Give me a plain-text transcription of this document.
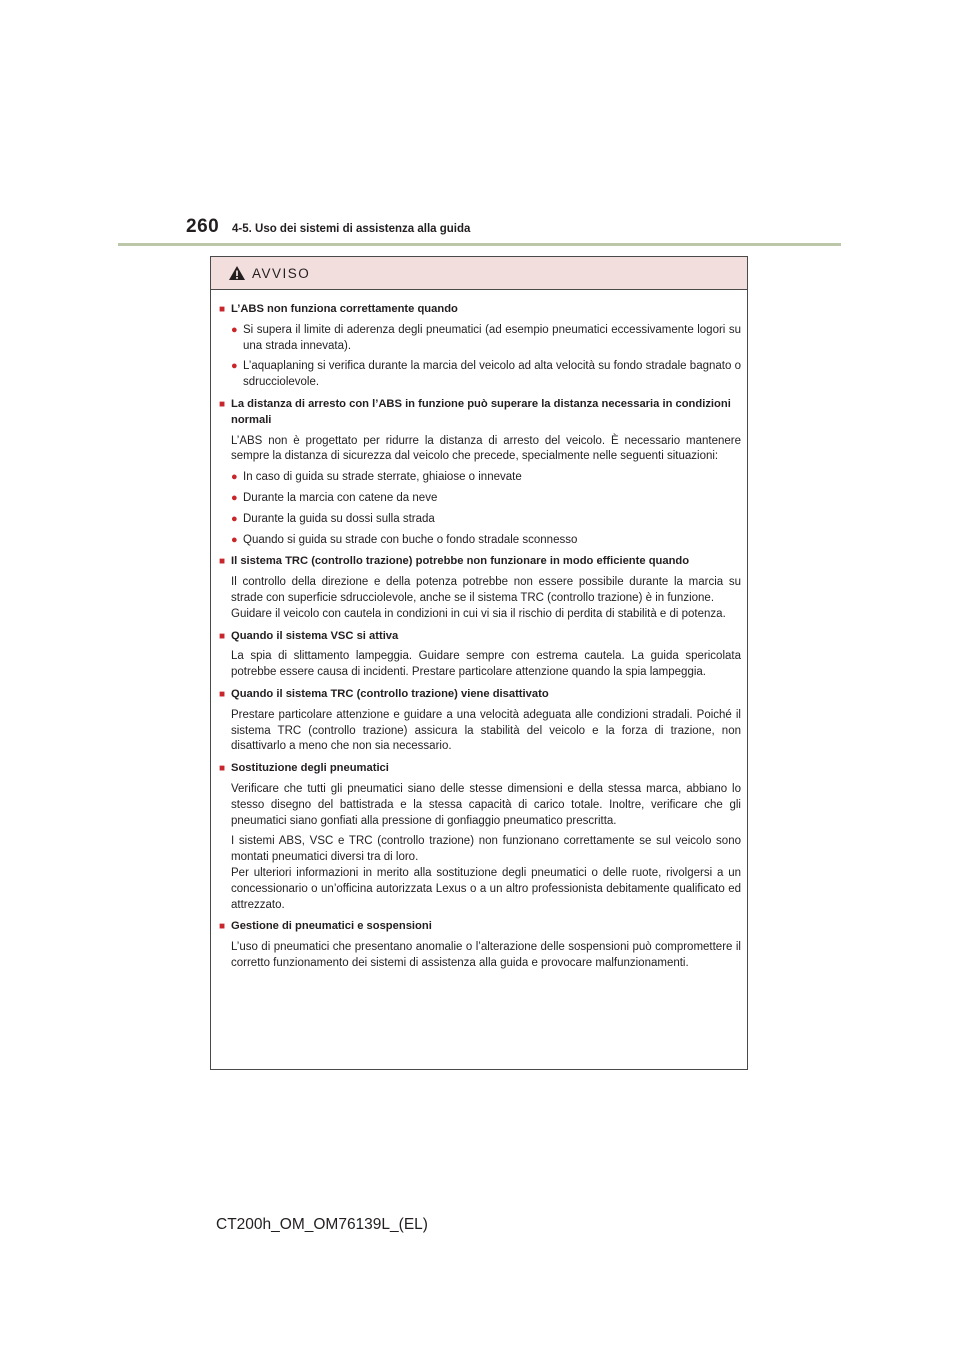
260 4-5. Uso dei sistemi di assistenza alla guida
AVVISO
■ L’ABS non funziona correttamente quando
● Si supera il limite di aderenza degli pneumatici (ad esempio pneumatici eccessivamente logori su una strada innevata).
● L’aquaplaning si verifica durante la marcia del veicolo ad alta velocità su fondo stradale bagnato o sdrucciolevole.
■ La distanza di arresto con l’ABS in funzione può superare la distanza necessaria in condizioni normali
L’ABS non è progettato per ridurre la distanza di arresto del veicolo. È necessario mantenere sempre la distanza di sicurezza dal veicolo che precede, specialmente nelle seguenti situazioni:
● In caso di guida su strade sterrate, ghiaiose o innevate
● Durante la marcia con catene da neve
● Durante la guida su dossi sulla strada
● Quando si guida su strade con buche o fondo stradale sconnesso
■ Il sistema TRC (controllo trazione) potrebbe non funzionare in modo efficiente quando
Il controllo della direzione e della potenza potrebbe non essere possibile durante la marcia su strade con superficie sdrucciolevole, anche se il sistema TRC (controllo trazione) è in funzione.
Guidare il veicolo con cautela in condizioni in cui vi sia il rischio di perdita di stabilità e di potenza.
■ Quando il sistema VSC si attiva
La spia di slittamento lampeggia. Guidare sempre con estrema cautela. La guida spericolata potrebbe essere causa di incidenti. Prestare particolare attenzione quando la spia lampeggia.
■ Quando il sistema TRC (controllo trazione) viene disattivato
Prestare particolare attenzione e guidare a una velocità adeguata alle condizioni stradali. Poiché il sistema TRC (controllo trazione) assicura la stabilità del veicolo e la forza di trazione, non disattivarlo a meno che non sia necessario.
■ Sostituzione degli pneumatici
Verificare che tutti gli pneumatici siano delle stesse dimensioni e della stessa marca, abbiano lo stesso disegno del battistrada e la stessa capacità di carico totale. Inoltre, verificare che gli pneumatici siano gonfiati alla pressione di gonfiaggio pneumatico prescritta.
I sistemi ABS, VSC e TRC (controllo trazione) non funzionano correttamente se sul veicolo sono montati pneumatici diversi tra di loro.
Per ulteriori informazioni in merito alla sostituzione degli pneumatici o delle ruote, rivolgersi a un concessionario o un’officina autorizzata Lexus o a un altro professionista debitamente qualificato ed attrezzato.
■ Gestione di pneumatici e sospensioni
L’uso di pneumatici che presentano anomalie o l’alterazione delle sospensioni può compromettere il corretto funzionamento dei sistemi di assistenza alla guida e provocare malfunzionamenti.
CT200h_OM_OM76139L_(EL)
